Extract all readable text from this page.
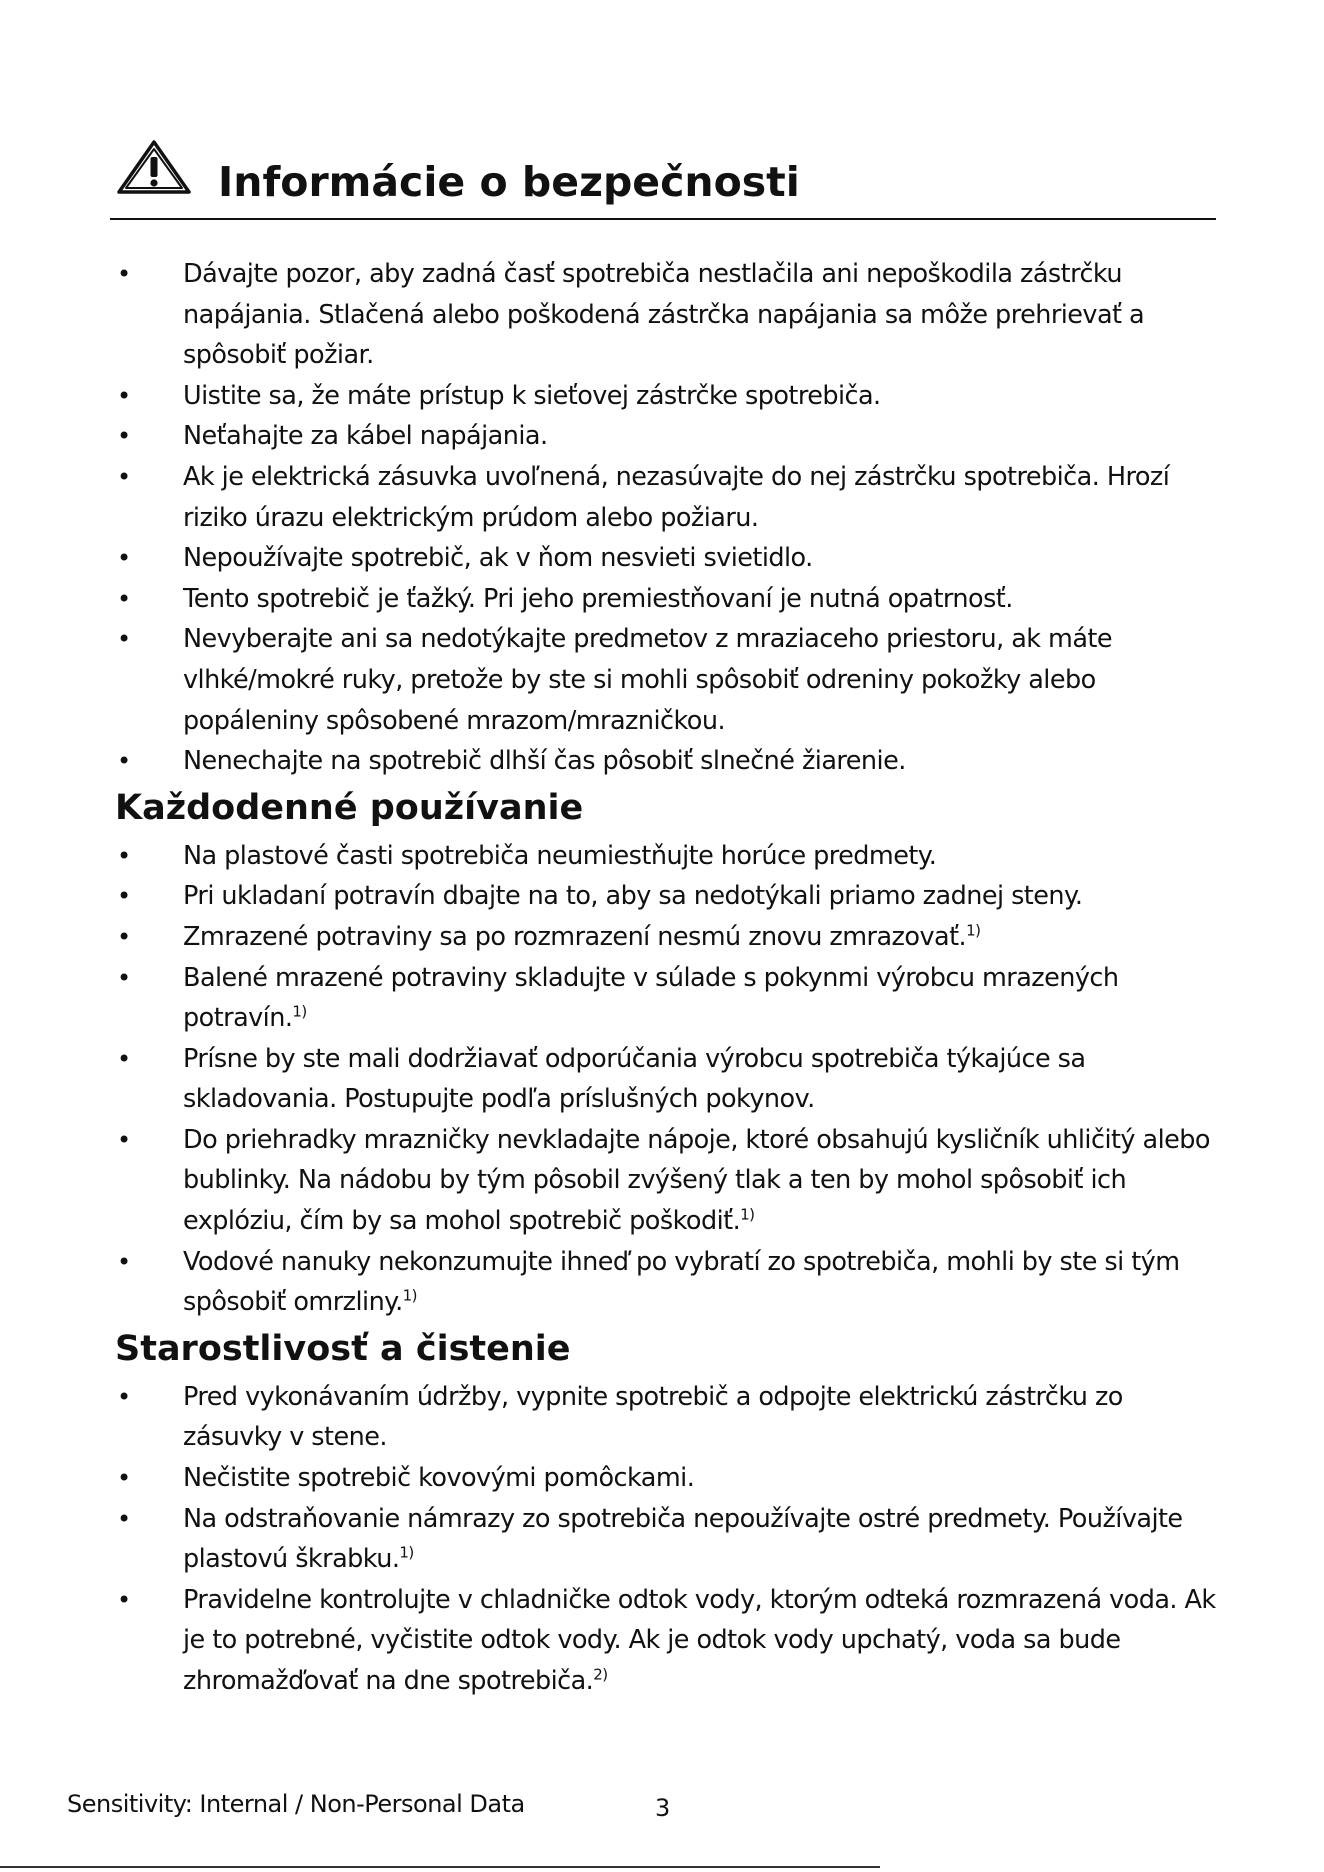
Informácie o bezpečnosti
• Dávajte pozor, aby zadná časť spotrebiča nestlačila ani nepoškodila zástrčku napájania. Stlačená alebo poškodená zástrčka napájania sa môže prehrievať a spôsobiť požiar.
• Uistite sa, že máte prístup k sieťovej zástrčke spotrebiča.
• Neťahajte za kábel napájania.
• Ak je elektrická zásuvka uvoľnená, nezasúvajte do nej zástrčku spotrebiča. Hrozí riziko úrazu elektrickým prúdom alebo požiaru.
• Nepoužívajte spotrebič, ak v ňom nesvieti svietidlo.
• Tento spotrebič je ťažký. Pri jeho premiestňovaní je nutná opatrnosť.
• Nevyberajte ani sa nedotýkajte predmetov z mraziaceho priestoru, ak máte vlhké/mokré ruky, pretože by ste si mohli spôsobiť odreniny pokožky alebo popáleniny spôsobené mrazom/mrazničkou.
• Nenechajte na spotrebič dlhší čas pôsobiť slnečné žiarenie.
Každodenné používanie
• Na plastové časti spotrebiča neumiestňujte horúce predmety.
• Pri ukladaní potravín dbajte na to, aby sa nedotýkali priamo zadnej steny.
• Zmrazené potraviny sa po rozmrazení nesmú znovu zmrazovať.$^{1)}$
• Balené mrazené potraviny skladujte v súlade s pokynmi výrobcu mrazených potravín.$^{1)}$
• Prísne by ste mali dodržiavať odporúčania výrobcu spotrebiča týkajúce sa skladovania. Postupujte podľa príslušných pokynov.
• Do priehradky mrazničky nevkladajte nápoje, ktoré obsahujú kysličník uhličitý alebo bublinky. Na nádobu by tým pôsobil zvýšený tlak a ten by mohol spôsobiť ich explóziu, čím by sa mohol spotrebič poškodiť.$^{1)}$
• Vodové nanuky nekonzumujte ihneď po vybratí zo spotrebiča, mohli by ste si tým spôsobiť omrzliny.$^{1)}$
Starostlivosť a čistenie
• Pred vykonávaním údržby, vypnite spotrebič a odpojte elektrickú zástrčku zo zásuvky v stene.
• Nečistite spotrebič kovovými pomôckami.
• Na odstraňovanie námrazy zo spotrebiča nepoužívajte ostré predmety. Používajte plastovú škrabku.$^{1)}$
• Pravidelne kontrolujte v chladničke odtok vody, ktorým odteká rozmrazená voda. Ak je to potrebné, vyčistite odtok vody. Ak je odtok vody upchatý, voda sa bude zhromažďovať na dne spotrebiča.$^{2)}$
Sensitivity: Internal / Non-Personal Data	3
